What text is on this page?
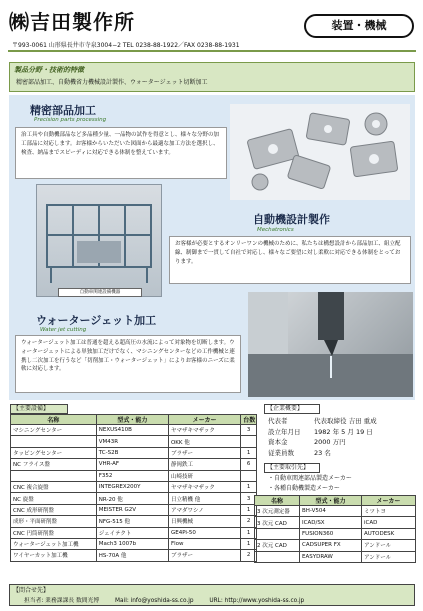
㈱吉田製作所	装置・機械
〒993-0061 山形県長井市寺泉3004−2 TEL 0238-88-1922／FAX 0238-88-1931
製品分野・技術的特徴
精密部品加工、自動機省力機械設計製作、ウォータージェット切断加工
精密部品加工
Precision parts processing
治工具や自動機部品など多品種少量、一品物の試作を得意とし、様々な分野の加工部品に対応します。お客様からいただいた図面から最適な加工方法を選択し、検査、納品までスピーディに対応できる体制を整えています。
自動車関連設備機器
自動機設計製作
Mechatronics
お客様が必要とするオンリーワンの機械のために、私たちは構想設計から部品加工、組立配線、制御まで一貫して自社で対応し、様々なご要望に対し柔軟に対応できる体制をとっております。
ウォータージェット加工
Water jet cutting
ウォータージェット加工は普通を超える超高圧の水流によって対象物を切断します。ウォータージェットによる単独加工だけでなく、マシニングセンターなどの工作機械と連携し二次加工を行うなど「切削加工・ウォータージェット」によりお客様のニーズに柔軟に対応します。
【主要設備】
名称	型式・能力	メーカー	台数
マシニングセンター	NEXUS410B	ヤマザキマザック	3
	VM43R	OKK 他	
タッピングセンター	TC-S2B	ブラザー	1
NC フライス盤	VHR-AF	静岡鉄工	6
	F352	山崎技研	
CNC 複合旋盤	INTEGREX200Y	ヤマザキマザック	1
NC 旋盤	NR-20 他	日立精機 他	3
CNC 成形研削盤	MEISTER G2V	アマダワシノ	1
成形・平面研削盤	NFG-515 他	日興機械	2
CNC 円筒研削盤	ジェイテクト	GE4Pi-50	1
ウォータージェット加工機	Mach3 1007b	Flow	1
ワイヤーカット加工機	HS-70A 他	ブラザー	2
【企業概要】
代表者	代表取締役 吉田 重成
設立年月日 1982 年 5 月 19 日
資本金	2000 万円
従業員数	23 名
【主要取引先】
・自動車関連部品製造メーカー
・各種自動機製造メーカー
名称	型式・能力	メーカー
3 次元測定器	BH-V504	ミツトヨ
3 次元 CAD	ICAD/SX	iCAD
	FUSION360	AUTODESK
2 次元 CAD	CADSUPER FX	アンドール
	EASYDRAW	アンドール
【問合せ先】
担当者: 業務課課長 数間光博	Mail: info@yoshida-ss.co.jp	URL: http://www.yoshida-ss.co.jp
